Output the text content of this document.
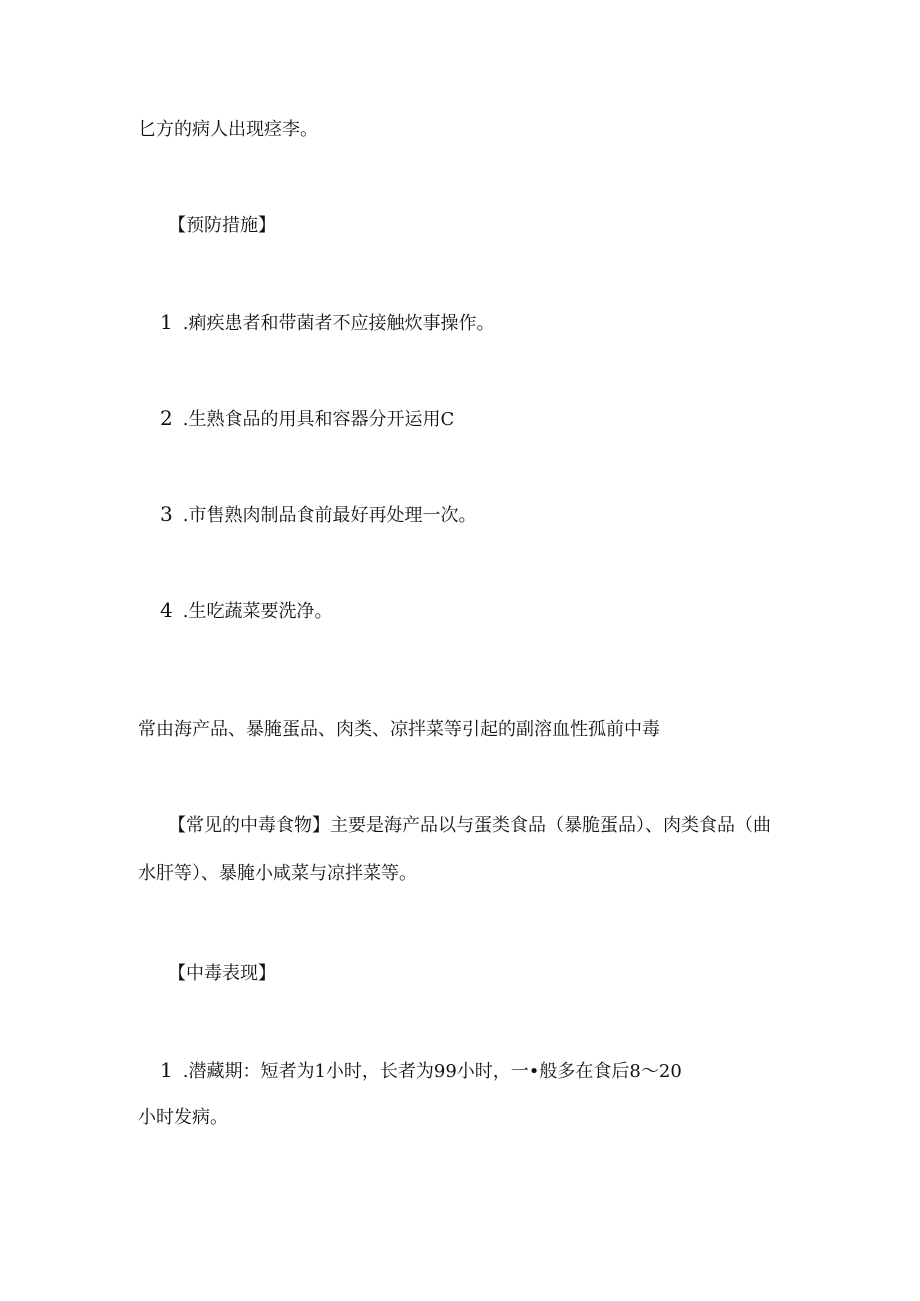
匕方的病人出现痉李。
【预防措施】
1 .痢疾患者和带菌者不应接触炊事操作。
2 .生熟食品的用具和容器分开运用C
3 .市售熟肉制品食前最好再处理一次。
4 .生吃蔬菜要洗净。
常由海产品、暴腌蛋品、肉类、凉拌菜等引起的副溶血性孤前中毒
【常见的中毒食物】主要是海产品以与蛋类食品（暴脆蛋品）、肉类食品（曲
水肝等）、暴腌小咸菜与凉拌菜等。
【中毒表现】
1 .潜藏期：短者为1小时，长者为99小时，一•般多在食后8～20
小时发病。
